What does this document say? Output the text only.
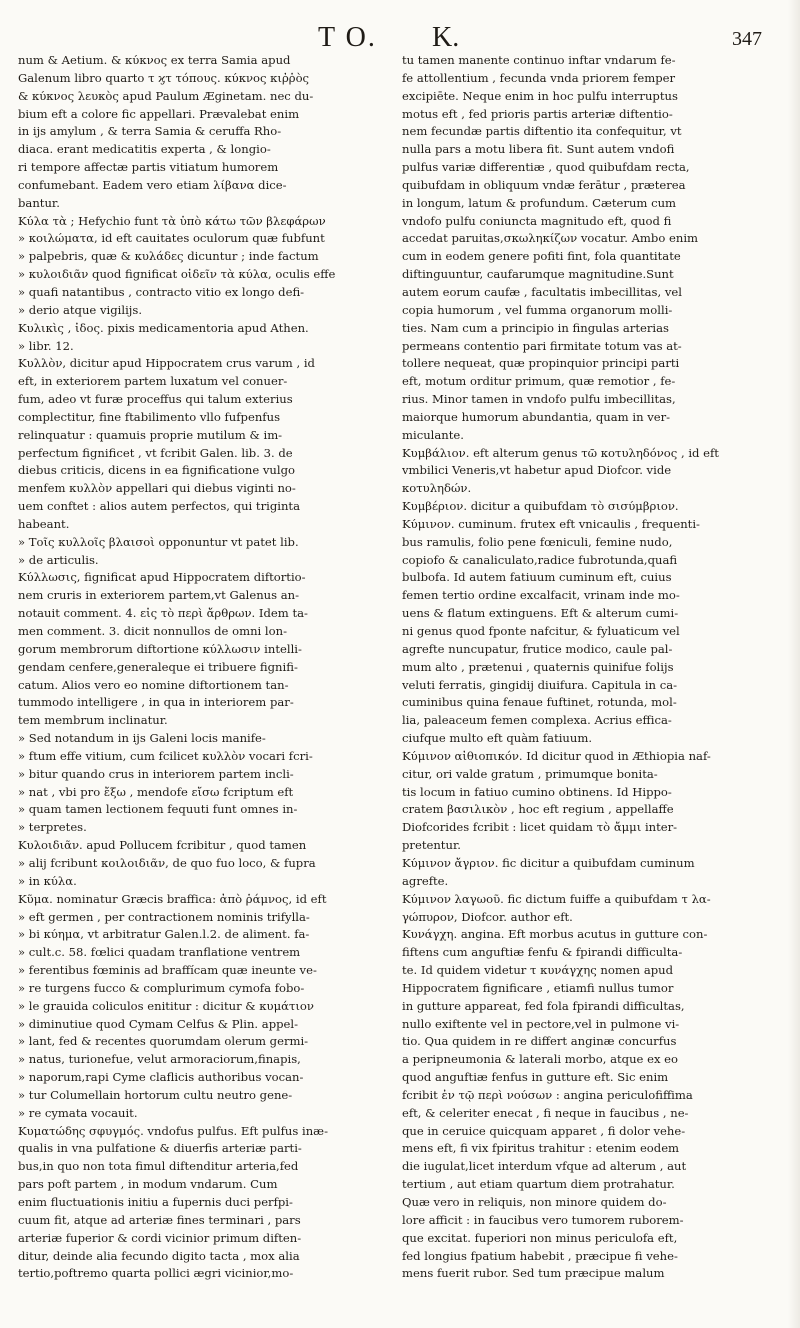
T O. K.	347

num & Aetium. & κύκνος ex terra Samia apud

Galenum libro quarto τ ϗτ τόπους. κύκνος κιῤῥὸς

& κύκνος λευκὸς apud Paulum Æginetam. nec du-

bium eft a colore fic appellari. Prævalebat enim

in ijs amylum , & terra Samia & ceruffa Rho-

diaca. erant medicatitis experta , & longio-

ri tempore affectæ partis vitiatum humorem

confumebant. Eadem vero etiam λίβανα dice-

bantur.

Κύλα τὰ ; Hefychio funt τὰ ὑπὸ κάτω τῶν βλεφάρων

» κοιλώματα, id eft cauitates oculorum quæ fubfunt

» palpebris, quæ & κυλάδες dicuntur ; inde factum

» κυλοιδιᾶν quod fignificat οἰδεῖν τὰ κύλα, oculis effe

» quafi natantibus , contracto vitio ex longo defi-

» derio atque vigilijs.

Κυλικὶς , ἰδος. pixis medicamentoria apud Athen.

» libr. 12.

Κυλλὸν, dicitur apud Hippocratem crus varum , id

eft, in exteriorem partem luxatum vel conuer-

fum, adeo vt furæ proceffus qui talum exterius

complectitur, fine ftabilimento vllo fufpenfus

relinquatur : quamuis proprie mutilum & im-

perfectum fignificet , vt fcribit Galen. lib. 3. de

diebus criticis, dicens in ea fignificatione vulgo

menfem κυλλὸν appellari qui diebus viginti no-

uem conftet : alios autem perfectos, qui triginta

habeant.

» Τοῖς κυλλοῖς βλαισοὶ opponuntur vt patet lib.

» de articulis.

Κύλλωσις, fignificat apud Hippocratem diftortio-

nem cruris in exteriorem partem,vt Galenus an-

notauit comment. 4. εἰς τὸ περὶ ἄρθρων. Idem ta-

men comment. 3. dicit nonnullos de omni lon-

gorum membrorum diftortione κύλλωσιν intelli-

gendam cenfere,generaleque ei tribuere fignifi-

catum. Alios vero eo nomine diftortionem tan-

tummodo intelligere , in qua in interiorem par-

tem membrum inclinatur.

» Sed notandum in ijs Galeni locis manife-

» ftum effe vitium, cum fcilicet κυλλὸν vocari fcri-

» bitur quando crus in interiorem partem incli-

» nat , vbi pro ἔξω , mendofe εἴσω fcriptum eft

» quam tamen lectionem fequuti funt omnes in-

» terpretes.

Κυλοιδιᾶν. apud Pollucem fcribitur , quod tamen

» alij fcribunt κοιλοιδιᾶν, de quo fuo loco, & fupra

» in κύλα.

Κῦμα. nominatur Græcis braffica: ἀπὸ ῥάμνος, id eft

» eft germen , per contractionem nominis trifylla-

» bi κύημα, vt arbitratur Galen.l.2. de aliment. fa-

» cult.c. 58. fœlici quadam tranflatione ventrem

» ferentibus fœminis ad braffícam quæ ineunte ve-

» re turgens fucco & complurimum cymofa fobo-

» le grauida coliculos enititur : dicitur & κυμάτιον

» diminutiue quod Cymam Celfus & Plin. appel-

» lant, fed & recentes quorumdam olerum germi-

» natus, turionefue, velut armoraciorum,finapis,

» naporum,rapi Cyme claflicis authoribus vocan-

» tur Columellain hortorum cultu neutro gene-

» re cymata vocauit.

Κυματώδης σφυγμός. vndofus pulfus. Eft pulfus inæ-

qualis in vna pulfatione & diuerfis arteriæ parti-

bus,in quo non tota fimul diftenditur arteria,fed

pars poft partem , in modum vndarum. Cum

enim fluctuationis initiu a fupernis duci perfpi-

cuum fit, atque ad arteriæ fines terminari , pars

arteriæ fuperior & cordi vicinior primum diften-

ditur, deinde alia fecundo digito tacta , mox alia

tertio,poftremo quarta pollici ægri vicinior,mo-

tu tamen manente continuo inftar vndarum fe-

fe attollentium , fecunda vnda priorem femper

excipiēte. Neque enim in hoc pulfu interruptus

motus eft , fed prioris partis arteriæ diftentio-

nem fecundæ partis diftentio ita confequitur, vt

nulla pars a motu libera fit. Sunt autem vndofi

pulfus variæ differentiæ , quod quibufdam recta,

quibufdam in obliquum vndæ ferātur , præterea

in longum, latum & profundum. Cæterum cum

vndofo pulfu coniuncta magnitudo eft, quod fi

accedat paruitas,σκωληκίζων vocatur. Ambo enim

cum in eodem genere pofiti fint, fola quantitate

diftinguuntur, caufarumque magnitudine.Sunt

autem eorum caufæ , facultatis imbecillitas, vel

copia humorum , vel fumma organorum molli-

ties. Nam cum a principio in fingulas arterias

permeans contentio pari firmitate totum vas at-

tollere nequeat, quæ propinquior principi parti

eft, motum orditur primum, quæ remotior , fe-

rius. Minor tamen in vndofo pulfu imbecillitas,

maiorque humorum abundantia, quam in ver-

miculante.

Κυμβάλιον. eft alterum genus τῶ κοτυληδόνος , id eft

vmbilici Veneris,vt habetur apud Diofcor. vide

κοτυληδών.

Κυμβέριον. dicitur a quibufdam τὸ σισύμβριον.

Κύμινον. cuminum. frutex eft vnicaulis , frequenti-

bus ramulis, folio pene fœniculi, femine nudo,

copiofo & canaliculato,radice fubrotunda,quafi

bulbofa. Id autem fatiuum cuminum eft, cuius

femen tertio ordine excalfacit, vrinam inde mo-

uens & flatum extinguens. Eft & alterum cumi-

ni genus quod fponte nafcitur, & fyluaticum vel

agrefte nuncupatur, frutice modico, caule pal-

mum alto , prætenui , quaternis quinifue folijs

veluti ferratis, gingidij diuifura. Capitula in ca-

cuminibus quina fenaue fuftinet, rotunda, mol-

lia, paleaceum femen complexa. Acrius effica-

ciufque multo eft quàm fatiuum.

Κύμινον αἰθιοπικόν. Id dicitur quod in Æthiopia naf-

citur, ori valde gratum , primumque bonita-

tis locum in fatiuo cumino obtinens. Id Hippo-

cratem βασιλικὸν , hoc eft regium , appellaffe

Diofcorides fcribit : licet quidam τὸ ἄμμι inter-

pretentur.

Κύμινον ἄγριον. fic dicitur a quibufdam cuminum

agrefte.

Κύμινον λαγωοῦ. fic dictum fuiffe a quibufdam τ λα-

γώπυρον, Diofcor. author eft.

Κυνάγχη. angina. Eft morbus acutus in gutture con-

fiftens cum anguftiæ fenfu & fpirandi difficulta-

te. Id quidem videtur τ κυνάγχης nomen apud

Hippocratem fignificare , etiamfi nullus tumor

in gutture appareat, fed fola fpirandi difficultas,

nullo exiftente vel in pectore,vel in pulmone vi-

tio. Qua quidem in re differt anginæ concurfus

a peripneumonia & laterali morbo, atque ex eo

quod anguftiæ fenfus in gutture eft. Sic enim

fcribit ἐν τῷ περὶ νούσων : angina periculofiffima

eft, & celeriter enecat , fi neque in faucibus , ne-

que in ceruice quicquam apparet , fi dolor vehe-

mens eft, fi vix fpiritus trahitur : etenim eodem

die iugulat,licet interdum vfque ad alterum , aut

tertium , aut etiam quartum diem protrahatur.

Quæ vero in reliquis, non minore quidem do-

lore afficit : in faucibus vero tumorem ruborem-

que excitat. fuperiori non minus periculofa eft,

fed longius fpatium habebit , præcipue fi vehe-

mens fuerit rubor. Sed tum præcipue malum
